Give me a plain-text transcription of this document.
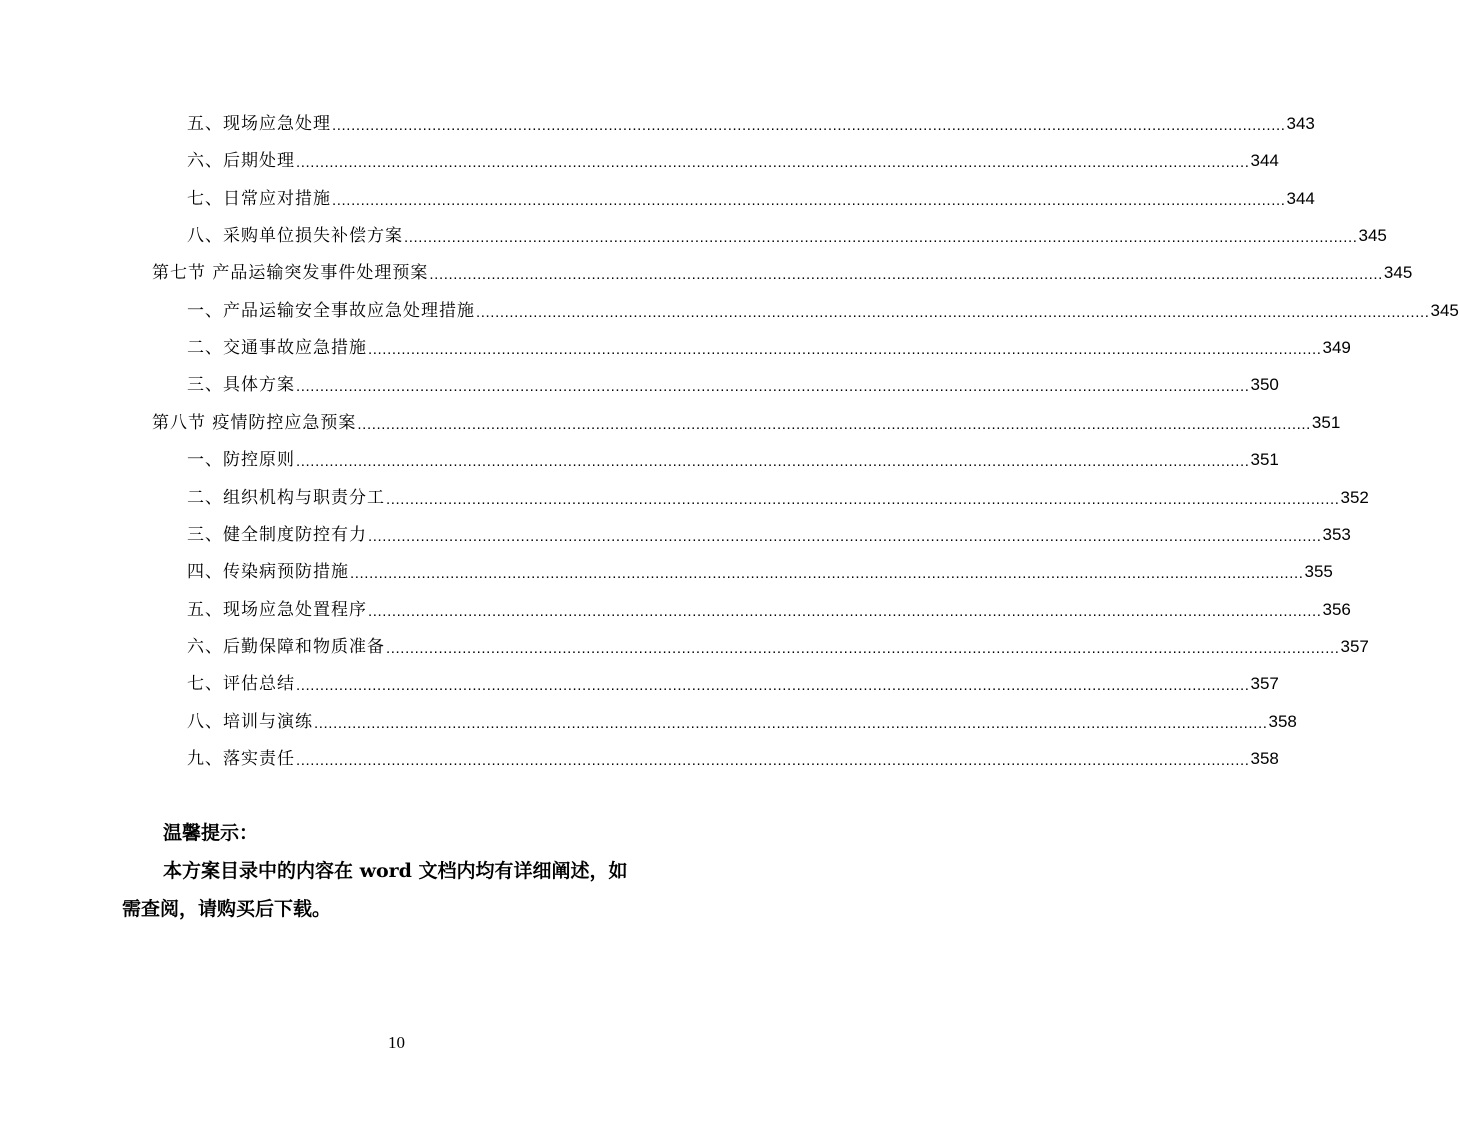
五、现场应急处理 ........................................................................................................................................................................................................ 343
六、后期处理 ........................................................................................................................................................................................................ 344
七、日常应对措施 ........................................................................................................................................................................................................ 344
八、采购单位损失补偿方案 ........................................................................................................................................................................................................ 345
第七节 产品运输突发事件处理预案 ........................................................................................................................................................................................................ 345
一、产品运输安全事故应急处理措施 ........................................................................................................................................................................................................ 345
二、交通事故应急措施 ........................................................................................................................................................................................................ 349
三、具体方案 ........................................................................................................................................................................................................ 350
第八节 疫情防控应急预案 ........................................................................................................................................................................................................ 351
一、防控原则 ........................................................................................................................................................................................................ 351
二、组织机构与职责分工 ........................................................................................................................................................................................................ 352
三、健全制度防控有力 ........................................................................................................................................................................................................ 353
四、传染病预防措施 ........................................................................................................................................................................................................ 355
五、现场应急处置程序 ........................................................................................................................................................................................................ 356
六、后勤保障和物质准备 ........................................................................................................................................................................................................ 357
七、评估总结 ........................................................................................................................................................................................................ 357
八、培训与演练 ........................................................................................................................................................................................................ 358
九、落实责任 ........................................................................................................................................................................................................ 358
温馨提示：
本方案目录中的内容在 word 文档内均有详细阐述，如
需查阅，请购买后下载。
10
